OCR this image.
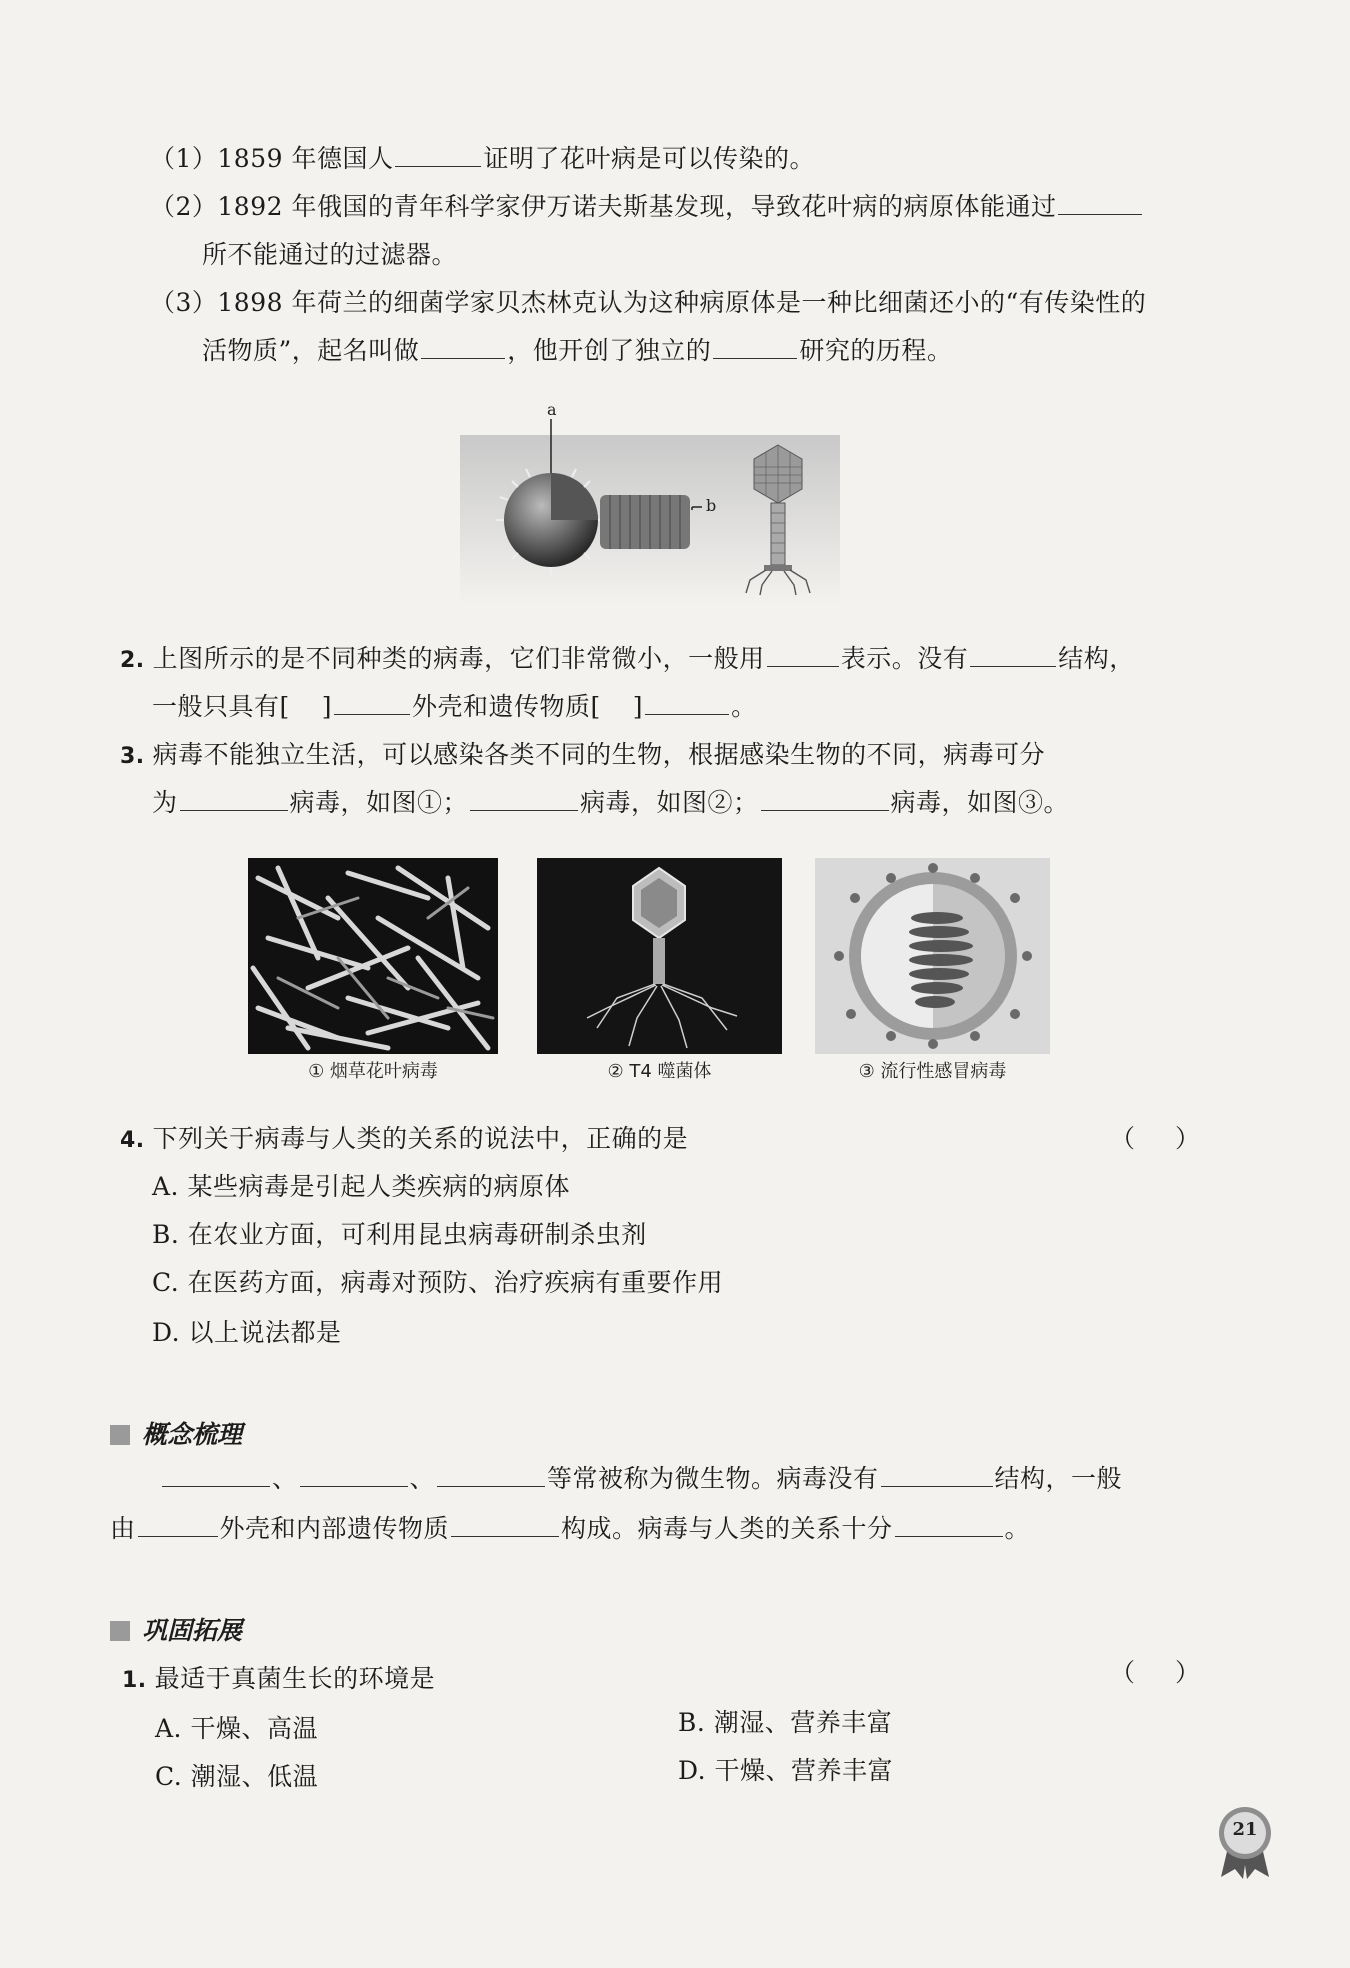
（1）1859 年德国人	证明了花叶病是可以传染的。
（2）1892 年俄国的青年科学家伊万诺夫斯基发现，导致花叶病的病原体能通过
所不能通过的过滤器。
（3）1898 年荷兰的细菌学家贝杰林克认为这种病原体是一种比细菌还小的“有传染性的
活物质”，起名叫做	，他开创了独立的	研究的历程。
a
b
2. 上图所示的是不同种类的病毒，它们非常微小，一般用	表示。没有	结构，
一般只具有[ ]	外壳和遗传物质[ ]	。
3. 病毒不能独立生活，可以感染各类不同的生物，根据感染生物的不同，病毒可分
为	病毒，如图①；	病毒，如图②；	病毒，如图③。
① 烟草花叶病毒	② T4 噬菌体	③ 流行性感冒病毒
4. 下列关于病毒与人类的关系的说法中，正确的是	（）
A. 某些病毒是引起人类疾病的病原体
B. 在农业方面，可利用昆虫病毒研制杀虫剂
C. 在医药方面，病毒对预防、治疗疾病有重要作用
D. 以上说法都是
概念梳理
、	、	等常被称为微生物。病毒没有	结构，一般
由	外壳和内部遗传物质	构成。病毒与人类的关系十分	。
巩固拓展
1. 最适于真菌生长的环境是	（）
A. 干燥、高温	B. 潮湿、营养丰富
C. 潮湿、低温	D. 干燥、营养丰富
21
